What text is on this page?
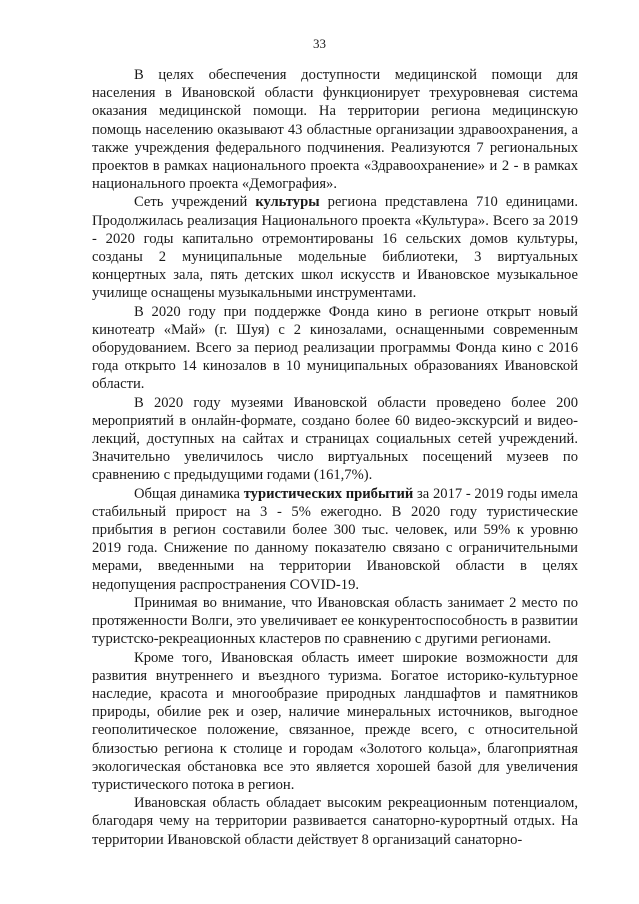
33

В целях обеспечения доступности медицинской помощи для населения в Ивановской области функционирует трехуровневая система оказания медицинской помощи. На территории региона медицинскую помощь населению оказывают 43 областные организации здравоохранения, а также учреждения федерального подчинения. Реализуются 7 региональных проектов в рамках национального проекта «Здравоохранение» и 2 - в рамках национального проекта «Демография».

Сеть учреждений культуры региона представлена 710 единицами. Продолжилась реализация Национального проекта «Культура». Всего за 2019 - 2020 годы капитально отремонтированы 16 сельских домов культуры, созданы 2 муниципальные модельные библиотеки, 3 виртуальных концертных зала, пять детских школ искусств и Ивановское музыкальное училище оснащены музыкальными инструментами.

В 2020 году при поддержке Фонда кино в регионе открыт новый кинотеатр «Май» (г. Шуя) с 2 кинозалами, оснащенными современным оборудованием. Всего за период реализации программы Фонда кино с 2016 года открыто 14 кинозалов в 10 муниципальных образованиях Ивановской области.

В 2020 году музеями Ивановской области проведено более 200 мероприятий в онлайн-формате, создано более 60 видео-экскурсий и видео-лекций, доступных на сайтах и страницах социальных сетей учреждений. Значительно увеличилось число виртуальных посещений музеев по сравнению с предыдущими годами (161,7%).

Общая динамика туристических прибытий за 2017 - 2019 годы имела стабильный прирост на 3 - 5% ежегодно. В 2020 году туристические прибытия в регион составили более 300 тыс. человек, или 59% к уровню 2019 года. Снижение по данному показателю связано с ограничительными мерами, введенными на территории Ивановской области в целях недопущения распространения COVID-19.

Принимая во внимание, что Ивановская область занимает 2 место по протяженности Волги, это увеличивает ее конкурентоспособность в развитии туристско-рекреационных кластеров по сравнению с другими регионами.

Кроме того, Ивановская область имеет широкие возможности для развития внутреннего и въездного туризма. Богатое историко-культурное наследие, красота и многообразие природных ландшафтов и памятников природы, обилие рек и озер, наличие минеральных источников, выгодное геополитическое положение, связанное, прежде всего, с относительной близостью региона к столице и городам «Золотого кольца», благоприятная экологическая обстановка все это является хорошей базой для увеличения туристического потока в регион.

Ивановская область обладает высоким рекреационным потенциалом, благодаря чему на территории развивается санаторно-курортный отдых. На территории Ивановской области действует 8 организаций санаторно-
